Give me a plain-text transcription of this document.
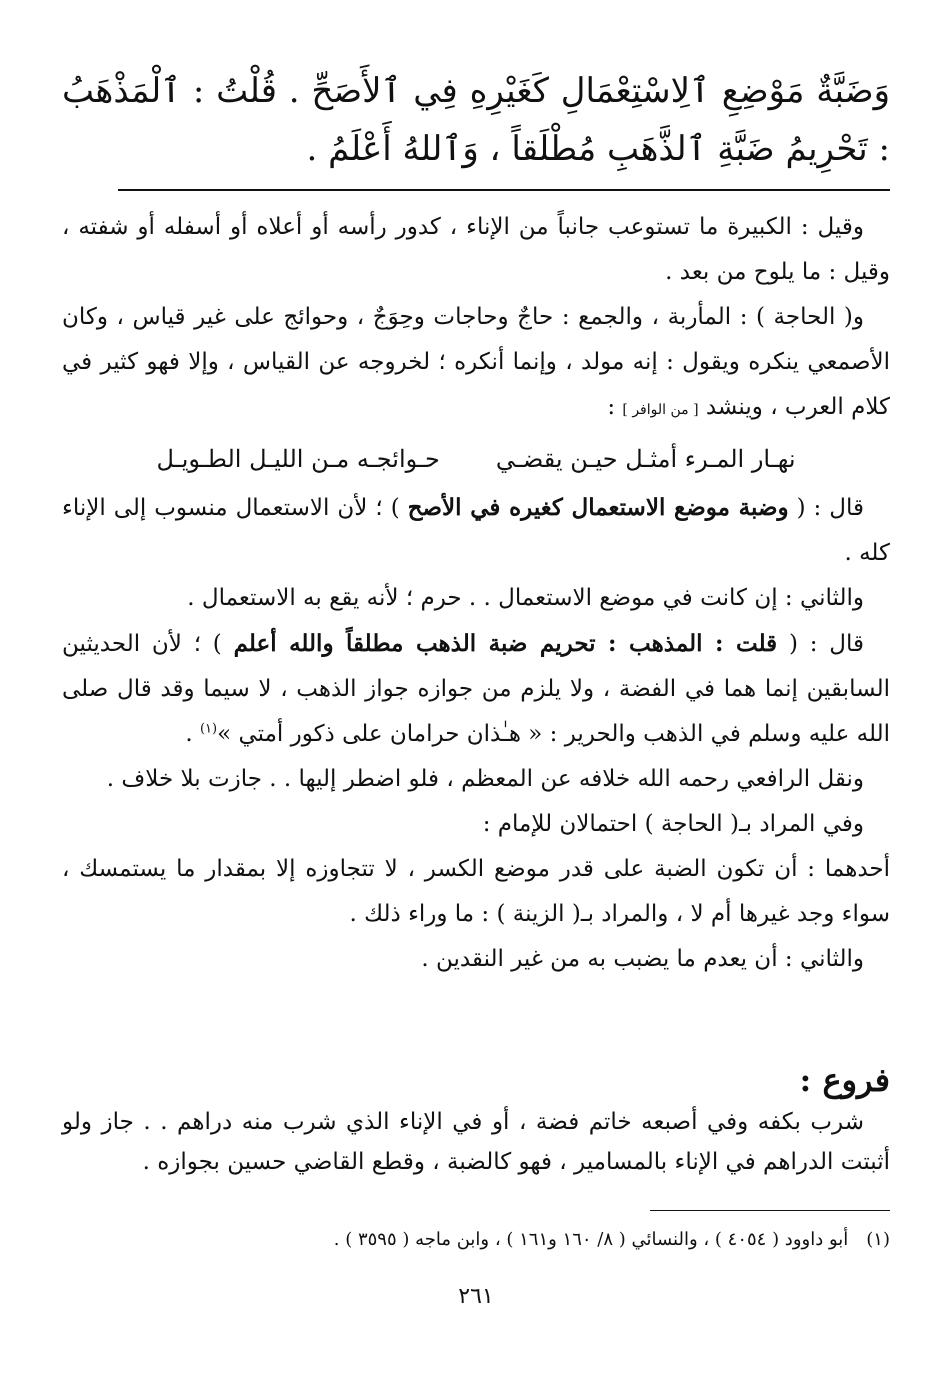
وَضَبَّةٌ مَوْضِعِ ٱلِاسْتِعْمَالِ كَغَيْرِهِ فِي ٱلأَصَحِّ . قُلْتُ : ٱلْمَذْهَبُ : تَحْرِيمُ ضَبَّةِ ٱلذَّهَبِ مُطْلَقاً ، وَٱللهُ أَعْلَمُ .

وقيل : الكبيرة ما تستوعب جانباً من الإناء ، كدور رأسه أو أعلاه أو أسفله أو شفته ، وقيل : ما يلوح من بعد .

و( الحاجة ) : المأربة ، والجمع : حاجٌ وحاجات وحِوَجٌ ، وحوائج على غير قياس ، وكان الأصمعي ينكره ويقول : إنه مولد ، وإنما أنكره ؛ لخروجه عن القياس ، وإلا فهو كثير في كلام العرب ، وينشد [ من الوافر ] :

نهـار المـرء أمثـل حيـن يقضـي
حـوائجـه مـن الليـل الطـويـل

قال : ( وضبة موضع الاستعمال كغيره في الأصح ) ؛ لأن الاستعمال منسوب إلى الإناء كله .

والثاني : إن كانت في موضع الاستعمال . . حرم ؛ لأنه يقع به الاستعمال .

قال : ( قلت : المذهب : تحريم ضبة الذهب مطلقاً والله أعلم ) ؛ لأن الحديثين السابقين إنما هما في الفضة ، ولا يلزم من جوازه جواز الذهب ، لا سيما وقد قال صلى الله عليه وسلم في الذهب والحرير : « هـٰذان حرامان على ذكور أمتي »$^{(١)}$ .

ونقل الرافعي رحمه الله خلافه عن المعظم ، فلو اضطر إليها . . جازت بلا خلاف .

وفي المراد بـ( الحاجة ) احتمالان للإمام :

أحدهما : أن تكون الضبة على قدر موضع الكسر ، لا تتجاوزه إلا بمقدار ما يستمسك ، سواء وجد غيرها أم لا ، والمراد بـ( الزينة ) : ما وراء ذلك .

والثاني : أن يعدم ما يضبب به من غير النقدين .

فروع :

شرب بكفه وفي أصبعه خاتم فضة ، أو في الإناء الذي شرب منه دراهم . . جاز ولو أثبتت الدراهم في الإناء بالمسامير ، فهو كالضبة ، وقطع القاضي حسين بجوازه .

(١)أبو داوود ( ٤٠٥٤ ) ، والنسائي ( ٨/ ١٦٠ و١٦١ ) ، وابن ماجه ( ٣٥٩٥ ) .
٢٦١
